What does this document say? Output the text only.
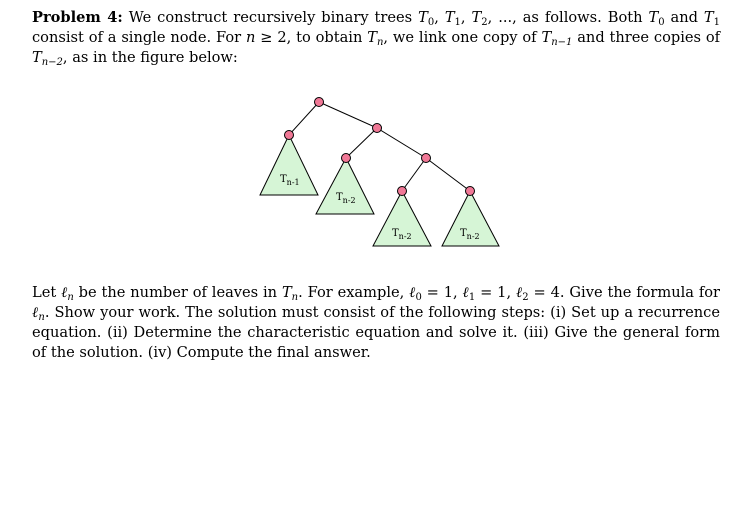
Problem 4: We construct recursively binary trees $T_0$, $T_1$, $T_2$, ..., as follows. Both $T_0$ and $T_1$ consist of a single node. For n ≥ 2, to obtain $T_n$, we link one copy of $T_{n-1}$ and three copies of $T_{n-2}$, as in the figure below:
$T_{n-1}$
$T_{n-2}$
$T_{n-2}$	$T_{n-2}$
Let ℓ$_n$ be the number of leaves in $T_n$. For example, ℓ$_0$ = 1, ℓ$_1$ = 1, ℓ$_2$ = 4. Give the formula for ℓ$_n$. Show your work. The solution must consist of the following steps: (i) Set up a recurrence equation. (ii) Determine the characteristic equation and solve it. (iii) Give the general form of the solution. (iv) Compute the final answer.
